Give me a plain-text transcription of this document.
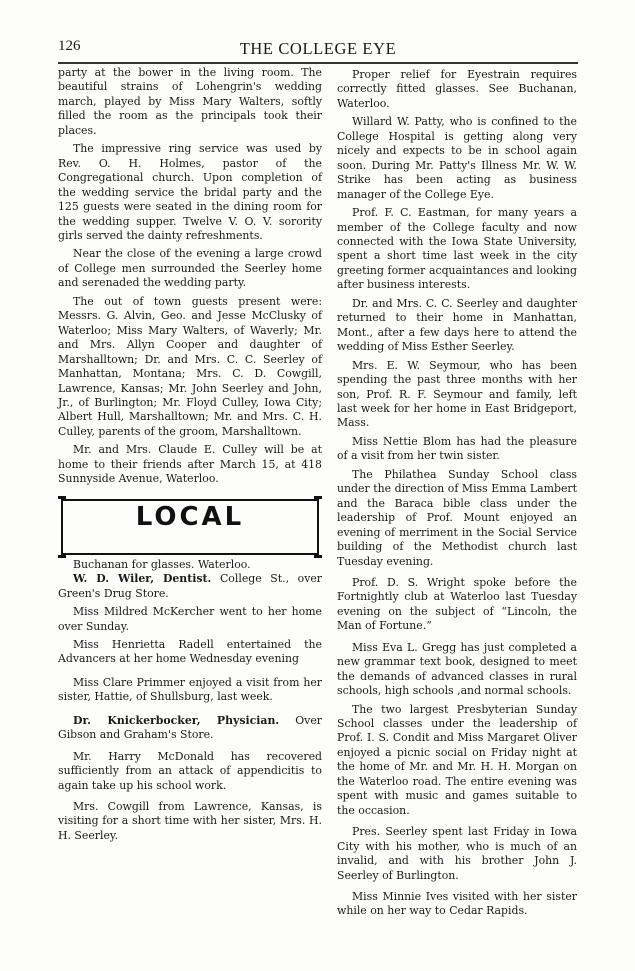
126	THE COLLEGE EYE

party at the bower in the living room. The beautiful strains of Lohengrin's wedding march, played by Miss Mary Walters, softly filled the room as the principals took their places.

The impressive ring service was used by Rev. O. H. Holmes, pastor of the Congregational church. Upon completion of the wedding service the bridal party and the 125 guests were seated in the dining room for the wedding supper. Twelve V. O. V. sorority girls served the dainty refreshments.

Near the close of the evening a large crowd of College men surrounded the Seerley home and serenaded the wedding party.

The out of town guests present were: Messrs. G. Alvin, Geo. and Jesse McClusky of Waterloo; Miss Mary Walters, of Waverly; Mr. and Mrs. Allyn Cooper and daughter of Marshalltown; Dr. and Mrs. C. C. Seerley of Manhattan, Montana; Mrs. C. D. Cowgill, Lawrence, Kansas; Mr. John Seerley and John, Jr., of Burlington; Mr. Floyd Culley, Iowa City; Albert Hull, Marshalltown; Mr. and Mrs. C. H. Culley, parents of the groom, Marshalltown.

Mr. and Mrs. Claude E. Culley will be at home to their friends after March 15, at 418 Sunnyside Avenue, Waterloo.

LOCAL

Buchanan for glasses. Waterloo.

W. D. Wiler, Dentist. College St., over Green's Drug Store.

Miss Mildred McKercher went to her home over Sunday.

Miss Henrietta Radell entertained the Advancers at her home Wednesday evening

Miss Clare Primmer enjoyed a visit from her sister, Hattie, of Shullsburg, last week.

Dr. Knickerbocker, Physician. Over Gibson and Graham's Store.

Mr. Harry McDonald has recovered sufficiently from an attack of appendicitis to again take up his school work.

Mrs. Cowgill from Lawrence, Kansas, is visiting for a short time with her sister, Mrs. H. H. Seerley.

Proper relief for Eyestrain requires correctly fitted glasses. See Buchanan, Waterloo.

Willard W. Patty, who is confined to the College Hospital is getting along very nicely and expects to be in school again soon. During Mr. Patty's Illness Mr. W. W. Strike has been acting as business manager of the College Eye.

Prof. F. C. Eastman, for many years a member of the College faculty and now connected with the Iowa State University, spent a short time last week in the city greeting former acquaintances and looking after business interests.

Dr. and Mrs. C. C. Seerley and daughter returned to their home in Manhattan, Mont., after a few days here to attend the wedding of Miss Esther Seerley.

Mrs. E. W. Seymour, who has been spending the past three months with her son, Prof. R. F. Seymour and family, left last week for her home in East Bridgeport, Mass.

Miss Nettie Blom has had the pleasure of a visit from her twin sister.

The Philathea Sunday School class under the direction of Miss Emma Lambert and the Baraca bible class under the leadership of Prof. Mount enjoyed an evening of merriment in the Social Service building of the Methodist church last Tuesday evening.

Prof. D. S. Wright spoke before the Fortnightly club at Waterloo last Tuesday evening on the subject of “Lincoln, the Man of Fortune.”

Miss Eva L. Gregg has just completed a new grammar text book, designed to meet the demands of advanced classes in rural schools, high schools ,and normal schools.

The two largest Presbyterian Sunday School classes under the leadership of Prof. I. S. Condit and Miss Margaret Oliver enjoyed a picnic social on Friday night at the home of Mr. and Mr. H. H. Morgan on the Waterloo road. The entire evening was spent with music and games suitable to the occasion.

Pres. Seerley spent last Friday in Iowa City with his mother, who is much of an invalid, and with his brother John J. Seerley of Burlington.

Miss Minnie Ives visited with her sister while on her way to Cedar Rapids.
